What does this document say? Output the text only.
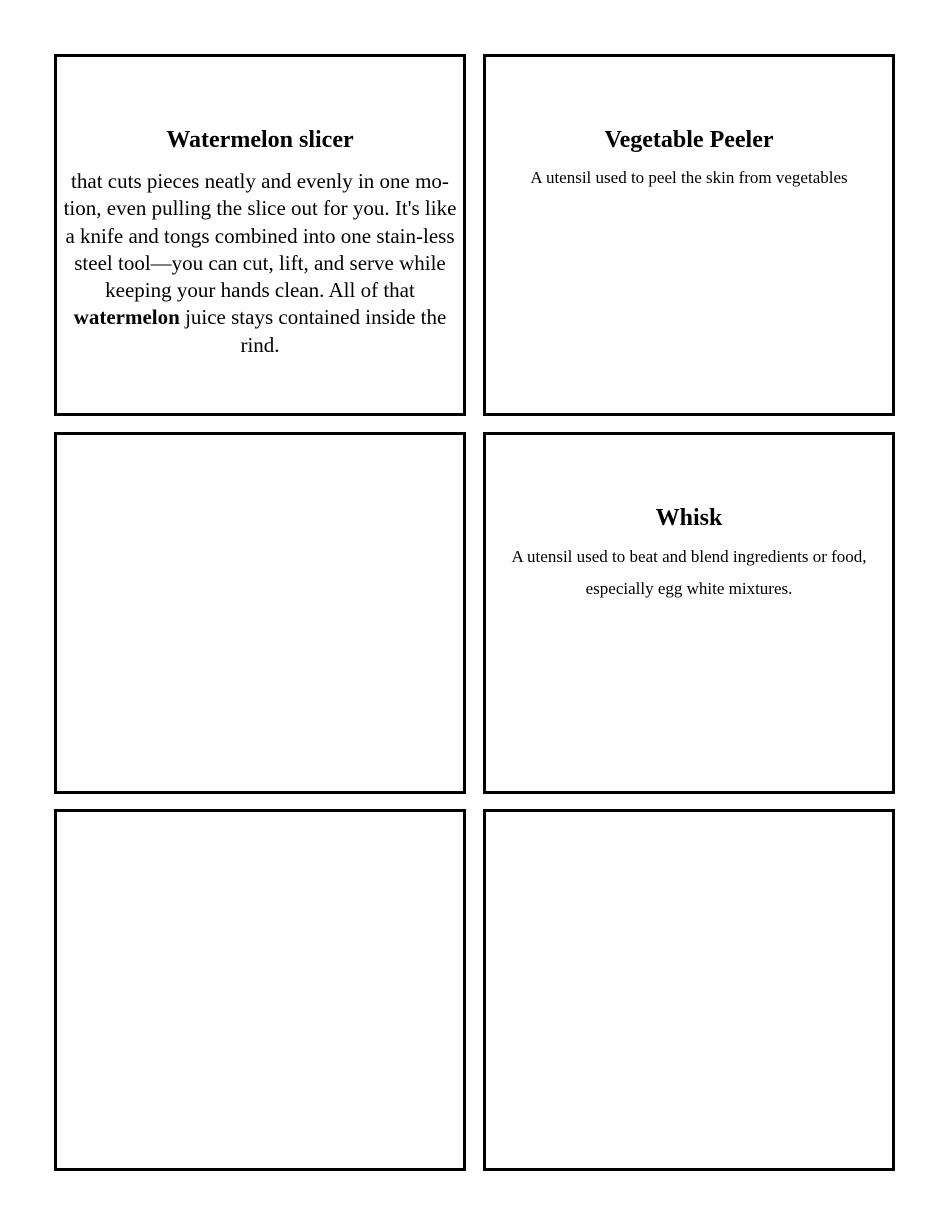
Watermelon slicer

that cuts pieces neatly and evenly in one mo-tion, even pulling the slice out for you. It's like a knife and tongs combined into one stain-less steel tool—you can cut, lift, and serve while keeping your hands clean. All of that watermelon juice stays contained inside the rind.

Vegetable Peeler

A utensil used to peel the skin from vegetables

Whisk

A utensil used to beat and blend ingredients or food, especially egg white mixtures.
